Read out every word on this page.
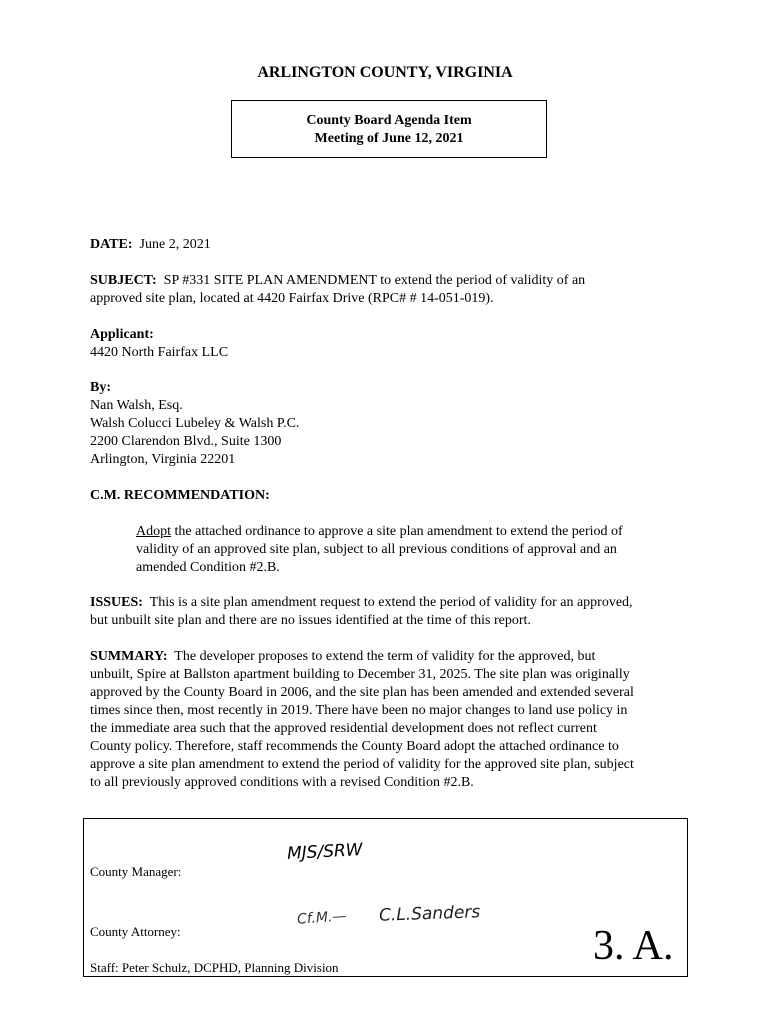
ARLINGTON COUNTY, VIRGINIA
County Board Agenda Item
Meeting of June 12, 2021
DATE: June 2, 2021
SUBJECT: SP #331 SITE PLAN AMENDMENT to extend the period of validity of an
approved site plan, located at 4420 Fairfax Drive (RPC# # 14-051-019).
Applicant:
4420 North Fairfax LLC
By:
Nan Walsh, Esq.
Walsh Colucci Lubeley & Walsh P.C.
2200 Clarendon Blvd., Suite 1300
Arlington, Virginia 22201
C.M. RECOMMENDATION:
Adopt the attached ordinance to approve a site plan amendment to extend the period of
validity of an approved site plan, subject to all previous conditions of approval and an
amended Condition #2.B.
ISSUES: This is a site plan amendment request to extend the period of validity for an approved,
but unbuilt site plan and there are no issues identified at the time of this report.
SUMMARY: The developer proposes to extend the term of validity for the approved, but
unbuilt, Spire at Ballston apartment building to December 31, 2025. The site plan was originally
approved by the County Board in 2006, and the site plan has been amended and extended several
times since then, most recently in 2019. There have been no major changes to land use policy in
the immediate area such that the approved residential development does not reflect current
County policy. Therefore, staff recommends the County Board adopt the attached ordinance to
approve a site plan amendment to extend the period of validity for the approved site plan, subject
to all previously approved conditions with a revised Condition #2.B.
County Manager:
MJS/SRW
County Attorney:
Cf.M.— C.L.Sanders
Staff: Peter Schulz, DCPHD, Planning Division	3. A.
